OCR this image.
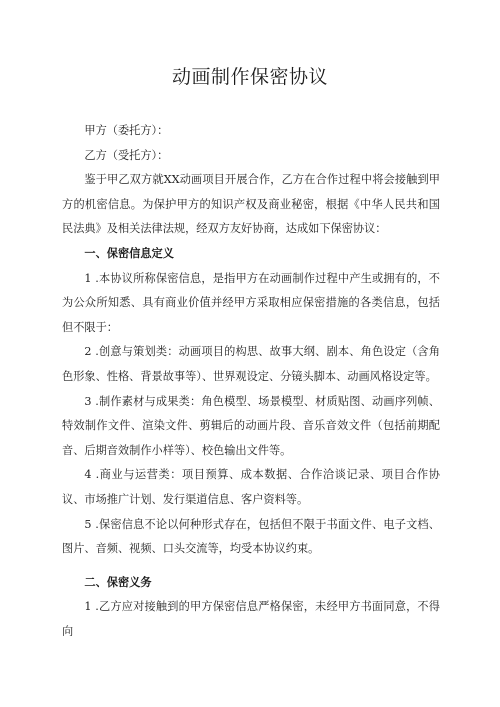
动画制作保密协议

甲方（委托方）：

乙方（受托方）：

鉴于甲乙双方就XX动画项目开展合作，乙方在合作过程中将会接触到甲方的机密信息。为保护甲方的知识产权及商业秘密，根据《中华人民共和国民法典》及相关法律法规，经双方友好协商，达成如下保密协议：

一、保密信息定义

1 .本协议所称保密信息，是指甲方在动画制作过程中产生或拥有的，不为公众所知悉、具有商业价值并经甲方采取相应保密措施的各类信息，包括但不限于：

2 .创意与策划类：动画项目的构思、故事大纲、剧本、角色设定（含角色形象、性格、背景故事等）、世界观设定、分镜头脚本、动画风格设定等。

3 .制作素材与成果类：角色模型、场景模型、材质贴图、动画序列帧、特效制作文件、渲染文件、剪辑后的动画片段、音乐音效文件（包括前期配音、后期音效制作小样等）、校色输出文件等。

4 .商业与运营类：项目预算、成本数据、合作洽谈记录、项目合作协议、市场推广计划、发行渠道信息、客户资料等。

5 .保密信息不论以何种形式存在，包括但不限于书面文件、电子文档、图片、音频、视频、口头交流等，均受本协议约束。

二、保密义务

1 .乙方应对接触到的甲方保密信息严格保密，未经甲方书面同意，不得向
